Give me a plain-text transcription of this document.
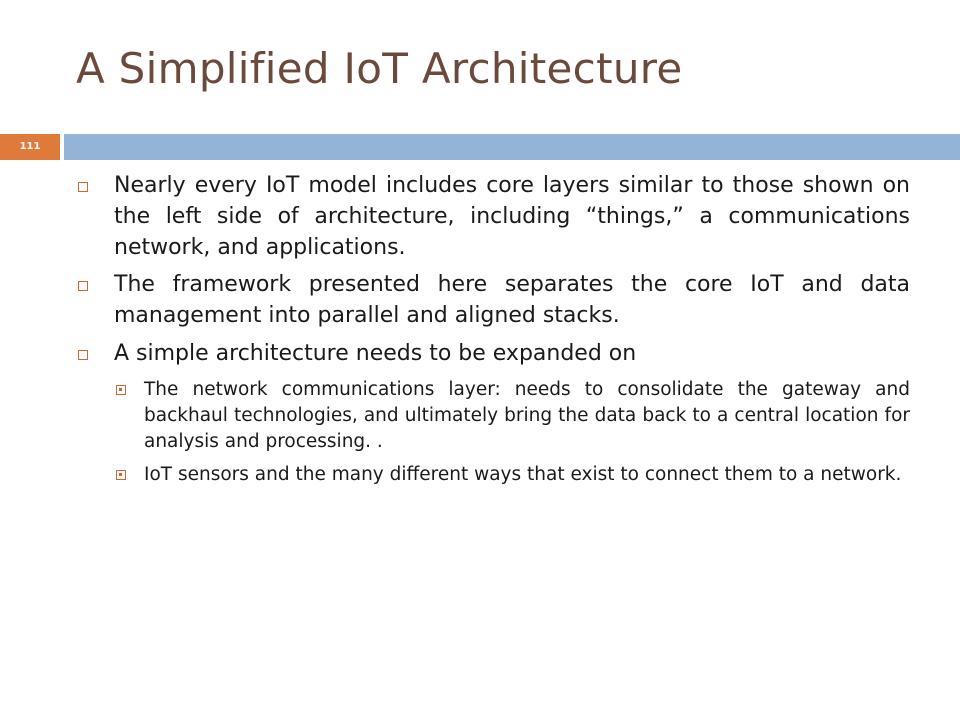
A Simplified IoT Architecture
111
Nearly every IoT model includes core layers similar to those shown on the left side of architecture, including “things,” a communications network, and applications.
The framework presented here separates the core IoT and data management into parallel and aligned stacks.
A simple architecture needs to be expanded on
The network communications layer: needs to consolidate the gateway and backhaul technologies, and ultimately bring the data back to a central location for analysis and processing. .
IoT sensors and the many different ways that exist to connect them to a network.
